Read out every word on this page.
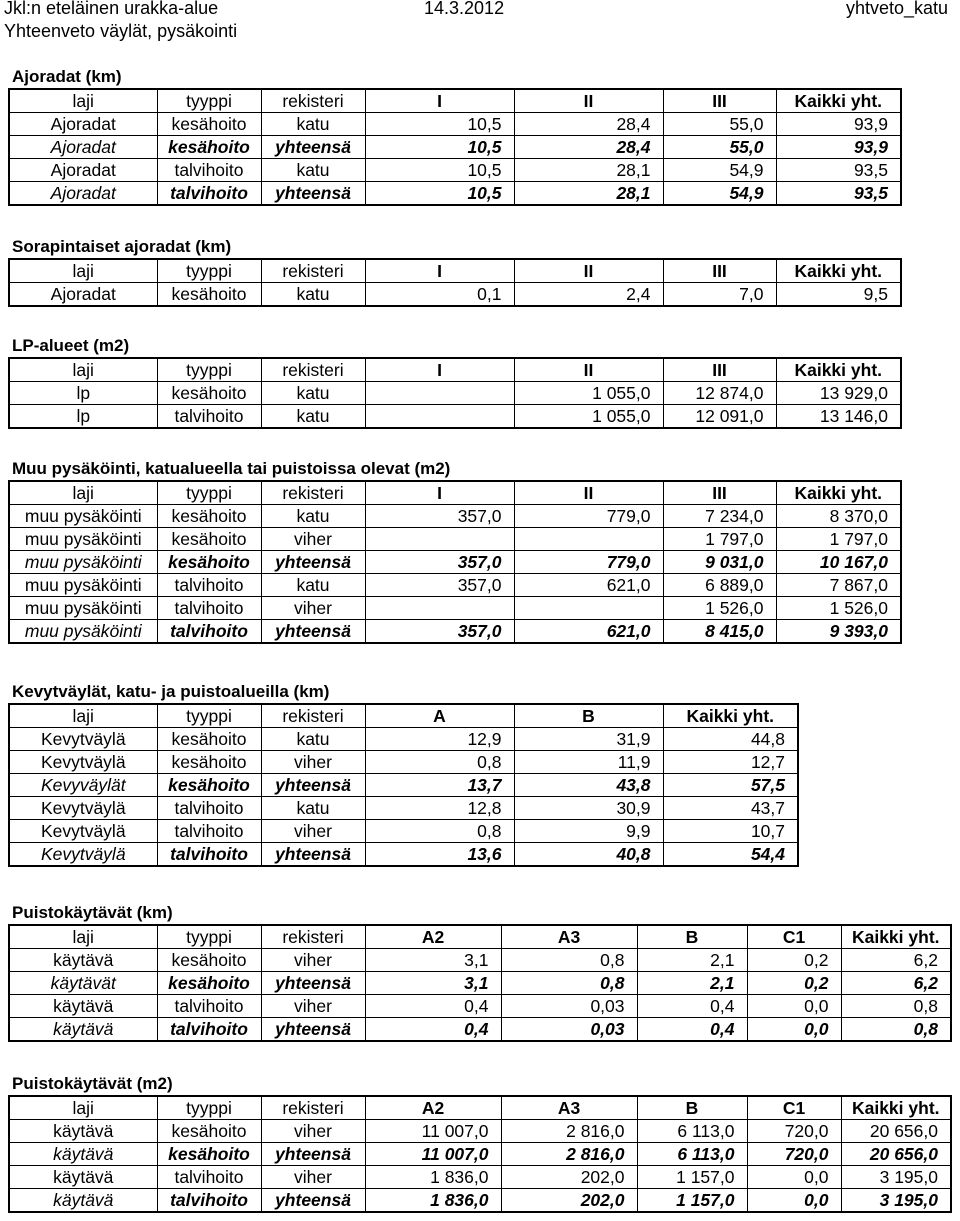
Jkl:n eteläinen urakka-alue
Yhteenveto väylät, pysäkointi
14.3.2012	yhtveto_katu
Ajoradat (km)
laji	tyyppi	rekisteri	I	II	III	Kaikki yht.
Ajoradat	kesähoito	katu	10,5	28,4	55,0	93,9
Ajoradat	kesähoito	yhteensä	10,5	28,4	55,0	93,9
Ajoradat	talvihoito	katu	10,5	28,1	54,9	93,5
Ajoradat	talvihoito	yhteensä	10,5	28,1	54,9	93,5
Sorapintaiset ajoradat (km)
laji	tyyppi	rekisteri	I	II	III	Kaikki yht.
Ajoradat	kesähoito	katu	0,1	2,4	7,0	9,5
LP-alueet (m2)
laji	tyyppi	rekisteri	I	II	III	Kaikki yht.
lp	kesähoito	katu		1 055,0	12 874,0	13 929,0
lp	talvihoito	katu		1 055,0	12 091,0	13 146,0
Muu pysäköinti, katualueella tai puistoissa olevat (m2)
laji	tyyppi	rekisteri	I	II	III	Kaikki yht.
muu pysäköinti	kesähoito	katu	357,0	779,0	7 234,0	8 370,0
muu pysäköinti	kesähoito	viher			1 797,0	1 797,0
muu pysäköinti	kesähoito	yhteensä	357,0	779,0	9 031,0	10 167,0
muu pysäköinti	talvihoito	katu	357,0	621,0	6 889,0	7 867,0
muu pysäköinti	talvihoito	viher			1 526,0	1 526,0
muu pysäköinti	talvihoito	yhteensä	357,0	621,0	8 415,0	9 393,0
Kevytväylät, katu- ja puistoalueilla (km)
laji	tyyppi	rekisteri	A	B	Kaikki yht.
Kevytväylä	kesähoito	katu	12,9	31,9	44,8
Kevytväylä	kesähoito	viher	0,8	11,9	12,7
Kevyväylät	kesähoito	yhteensä	13,7	43,8	57,5
Kevytväylä	talvihoito	katu	12,8	30,9	43,7
Kevytväylä	talvihoito	viher	0,8	9,9	10,7
Kevytväylä	talvihoito	yhteensä	13,6	40,8	54,4
Puistokäytävät (km)
laji	tyyppi	rekisteri	A2	A3	B	C1	Kaikki yht.
käytävä	kesähoito	viher	3,1	0,8	2,1	0,2	6,2
käytävät	kesähoito	yhteensä	3,1	0,8	2,1	0,2	6,2
käytävä	talvihoito	viher	0,4	0,03	0,4	0,0	0,8
käytävä	talvihoito	yhteensä	0,4	0,03	0,4	0,0	0,8
Puistokäytävät (m2)
laji	tyyppi	rekisteri	A2	A3	B	C1	Kaikki yht.
käytävä	kesähoito	viher	11 007,0	2 816,0	6 113,0	720,0	20 656,0
käytävä	kesähoito	yhteensä	11 007,0	2 816,0	6 113,0	720,0	20 656,0
käytävä	talvihoito	viher	1 836,0	202,0	1 157,0	0,0	3 195,0
käytävä	talvihoito	yhteensä	1 836,0	202,0	1 157,0	0,0	3 195,0
